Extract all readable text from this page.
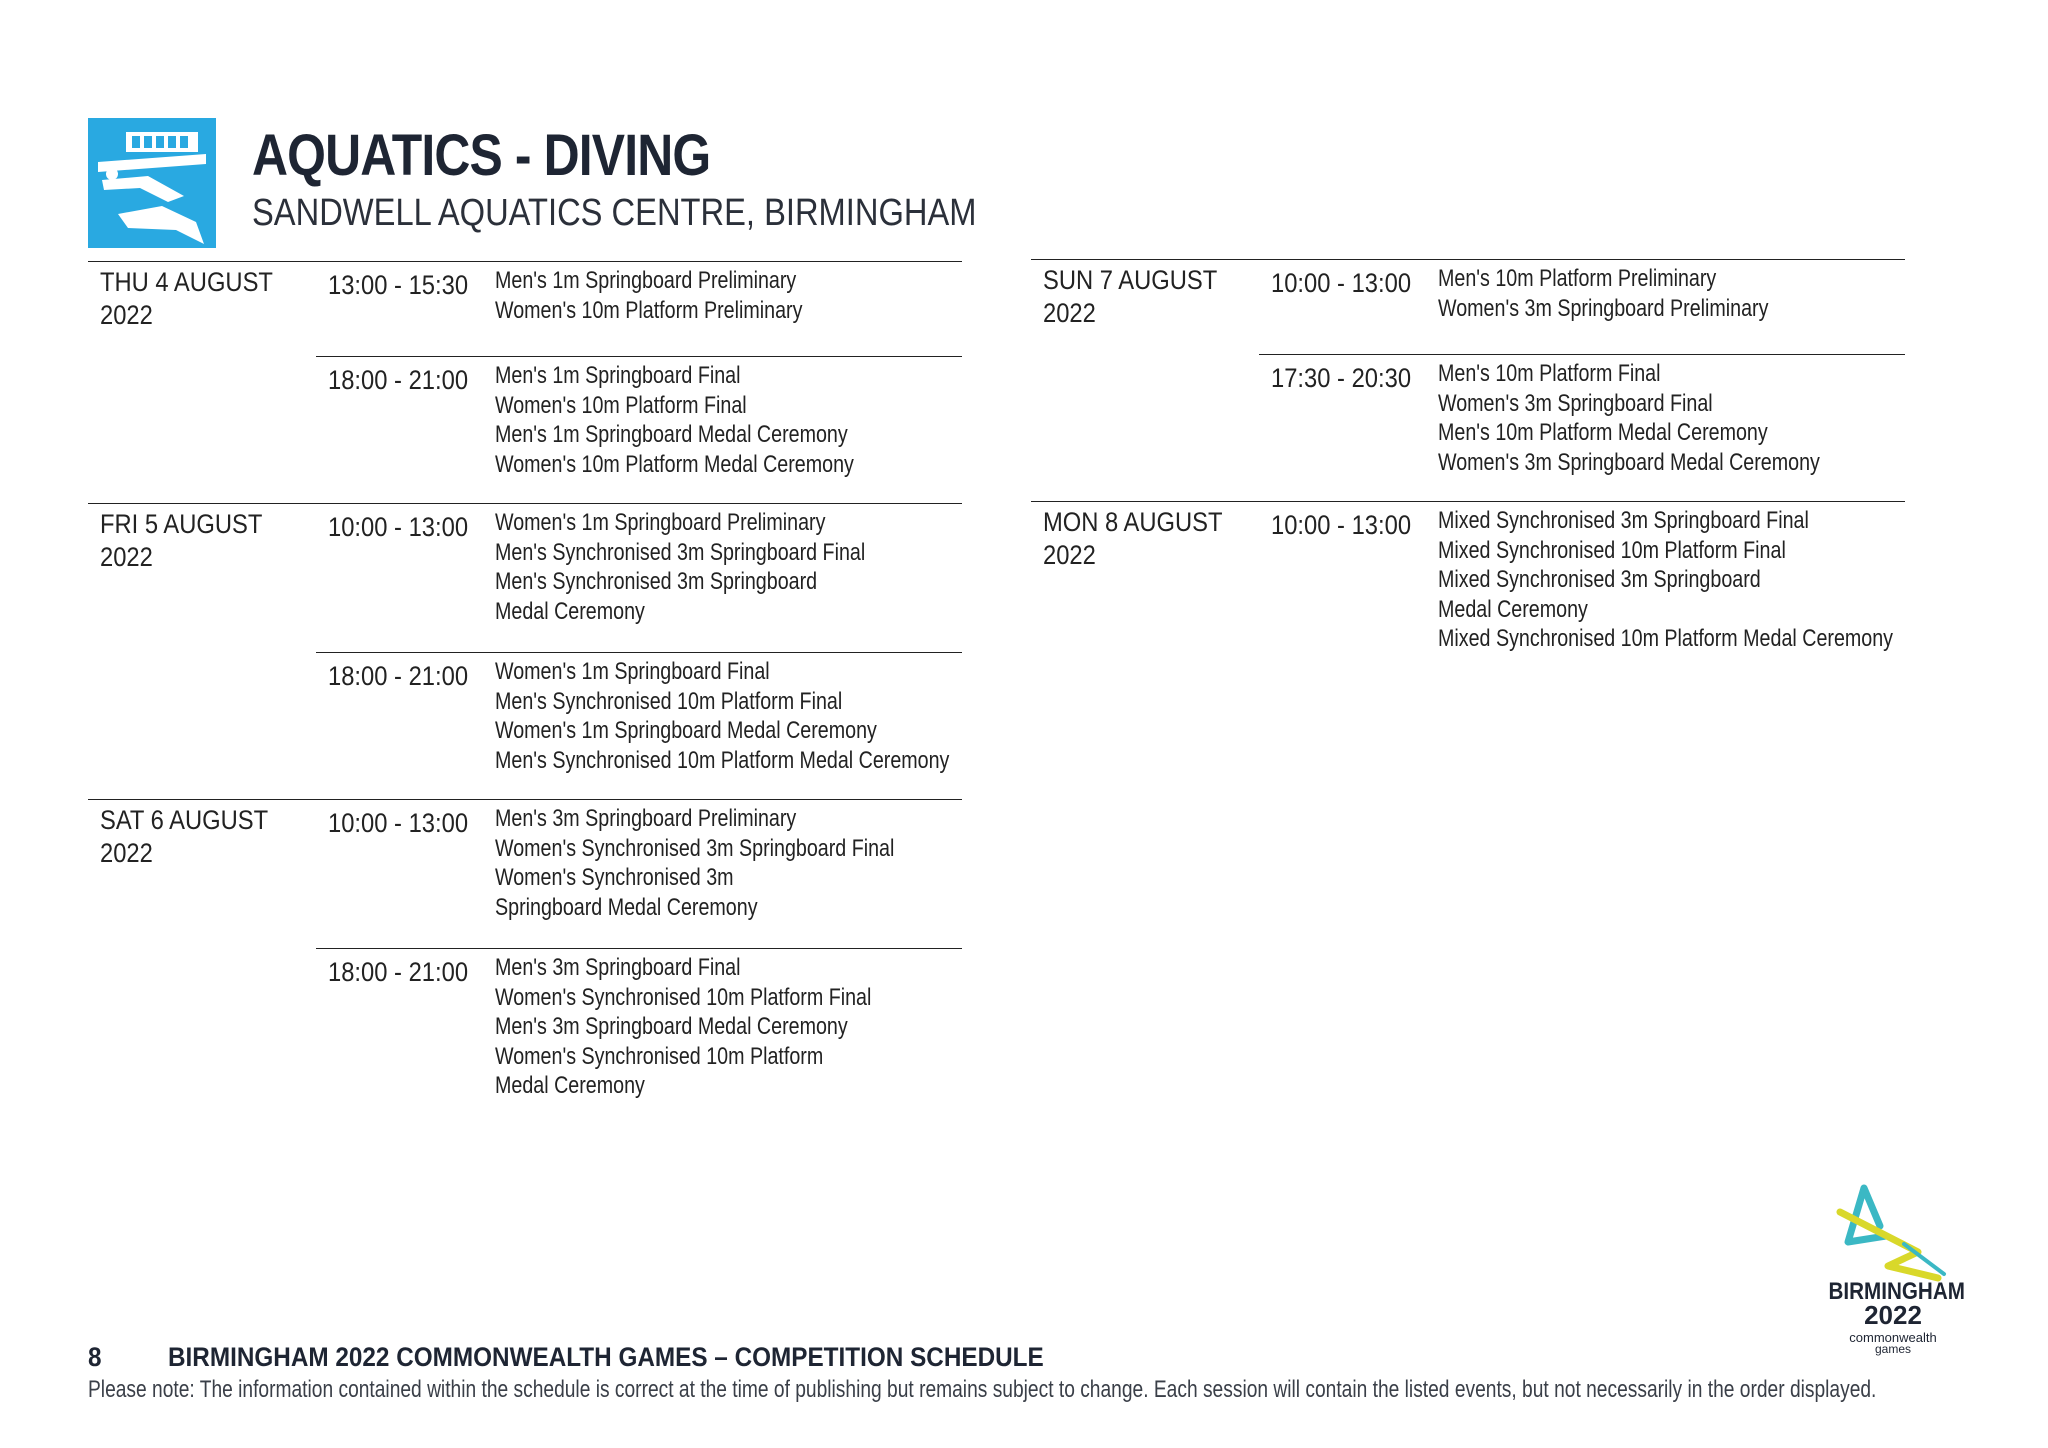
AQUATICS - DIVING
SANDWELL AQUATICS CENTRE, BIRMINGHAM
THU 4 AUGUST 2022
13:00 - 15:30 Men's 1m Springboard Preliminary
Women's 10m Platform Preliminary
18:00 - 21:00 Men's 1m Springboard Final
Women's 10m Platform Final
Men's 1m Springboard Medal Ceremony
Women's 10m Platform Medal Ceremony
FRI 5 AUGUST 2022
10:00 - 13:00 Women's 1m Springboard Preliminary
Men's Synchronised 3m Springboard Final
Men's Synchronised 3m Springboard Medal Ceremony
18:00 - 21:00 Women's 1m Springboard Final
Men's Synchronised 10m Platform Final
Women's 1m Springboard Medal Ceremony
Men's Synchronised 10m Platform Medal Ceremony
SAT 6 AUGUST 2022
10:00 - 13:00 Men's 3m Springboard Preliminary
Women's Synchronised 3m Springboard Final
Women's Synchronised 3m Springboard Medal Ceremony
18:00 - 21:00 Men's 3m Springboard Final
Women's Synchronised 10m Platform Final
Men's 3m Springboard Medal Ceremony
Women's Synchronised 10m Platform Medal Ceremony
SUN 7 AUGUST 2022
10:00 - 13:00 Men's 10m Platform Preliminary
Women's 3m Springboard Preliminary
17:30 - 20:30 Men's 10m Platform Final
Women's 3m Springboard Final
Men's 10m Platform Medal Ceremony
Women's 3m Springboard Medal Ceremony
MON 8 AUGUST 2022
10:00 - 13:00 Mixed Synchronised 3m Springboard Final
Mixed Synchronised 10m Platform Final
Mixed Synchronised 3m Springboard Medal Ceremony
Mixed Synchronised 10m Platform Medal Ceremony
BIRMINGHAM
2022
commonwealth
games
8 BIRMINGHAM 2022 COMMONWEALTH GAMES – COMPETITION SCHEDULE
Please note: The information contained within the schedule is correct at the time of publishing but remains subject to change. Each session will contain the listed events, but not necessarily in the order displayed.
